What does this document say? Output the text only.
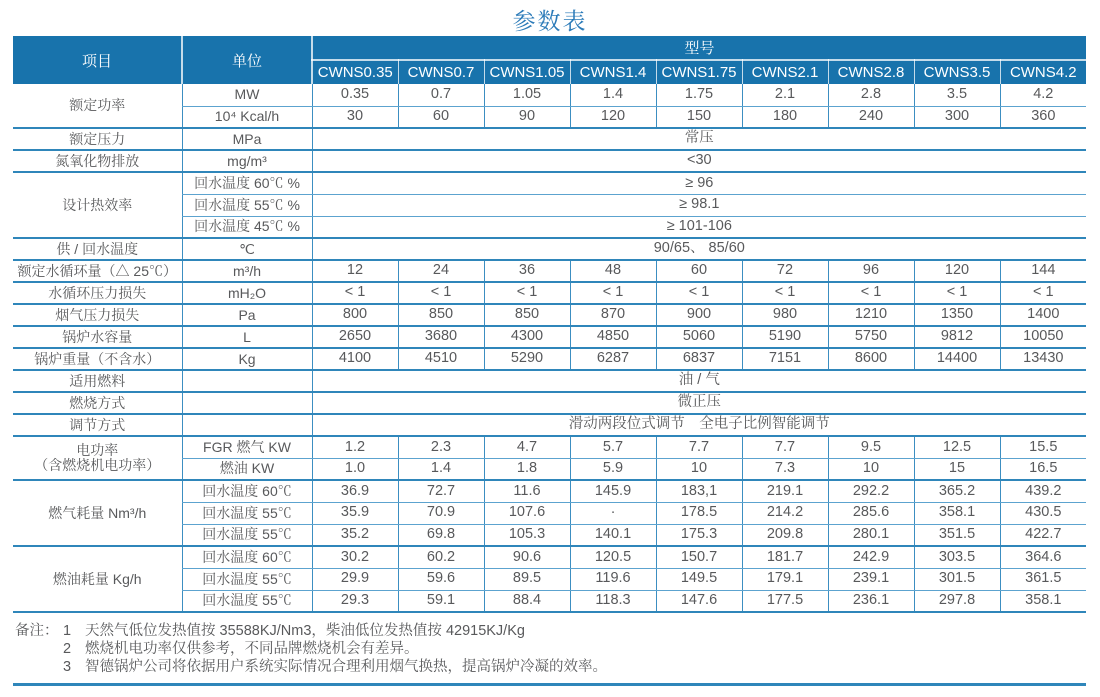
参数表
项目	单位	型号								
		CWNS0.35	CWNS0.7	CWNS1.05	CWNS1.4	CWNS1.75	CWNS2.1	CWNS2.8	CWNS3.5	CWNS4.2
额定功率	MW	0.35	0.7	1.05	1.4	1.75	2.1	2.8	3.5	4.2
	10⁴ Kcal/h	30	60	90	120	150	180	240	300	360
额定压力	MPa	常压								
氮氧化物排放	mg/m³	<30								
设计热效率	回水温度 60℃ %	≥ 96								
	回水温度 55℃ %	≥ 98.1								
	回水温度 45℃ %	≥ 101-106								
供 / 回水温度	℃	90/65、 85/60								
额定水循环量（△ 25℃）	m³/h	12	24	36	48	60	72	96	120	144
水循环压力损失	mH₂O	< 1	< 1	< 1	< 1	< 1	< 1	< 1	< 1	< 1
烟气压力损失	Pa	800	850	850	870	900	980	1210	1350	1400
锅炉水容量	L	2650	3680	4300	4850	5060	5190	5750	9812	10050
锅炉重量（不含水）	Kg	4100	4510	5290	6287	6837	7151	8600	14400	13430
适用燃料		油 / 气								
燃烧方式		微正压								
调节方式		滑动两段位式调节　全电子比例智能调节								

电功率
（含燃烧机电功率）	FGR 燃气 KW	1.2	2.3	4.7	5.7	7.7	7.7	9.5	12.5	15.5
	燃油 KW	1.0	1.4	1.8	5.9	10	7.3	10	15	16.5
燃气耗量 Nm³/h	回水温度 60℃	36.9	72.7	11.6	145.9	183,1	219.1	292.2	365.2	439.2
	回水温度 55℃	35.9	70.9	107.6	·	178.5	214.2	285.6	358.1	430.5
	回水温度 55℃	35.2	69.8	105.3	140.1	175.3	209.8	280.1	351.5	422.7
燃油耗量 Kg/h	回水温度 60℃	30.2	60.2	90.6	120.5	150.7	181.7	242.9	303.5	364.6
	回水温度 55℃	29.9	59.6	89.5	119.6	149.5	179.1	239.1	301.5	361.5
	回水温度 55℃	29.3	59.1	88.4	118.3	147.6	177.5	236.1	297.8	358.1
备注： 1 天然气低位发热值按 35588KJ/Nm3，柴油低位发热值按 42915KJ/Kg
2 燃烧机电功率仅供参考，不同品牌燃烧机会有差异。
3 智德锅炉公司将依据用户系统实际情况合理利用烟气换热，提高锅炉冷凝的效率。
